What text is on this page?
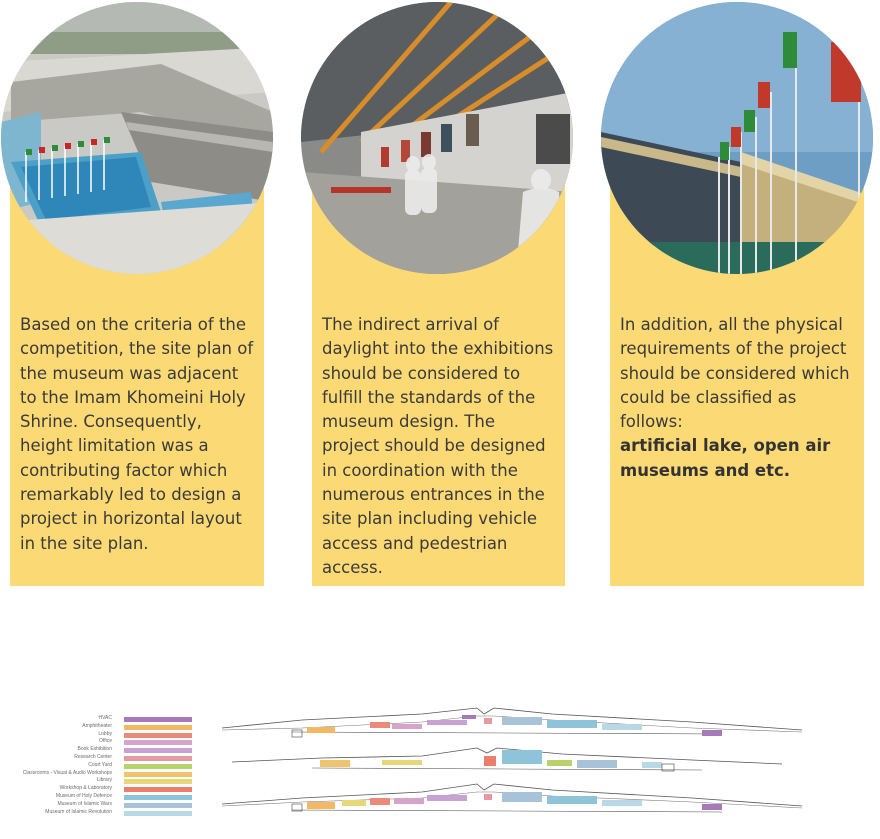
Based on the criteria of the competition, the site plan of the museum was adjacent to the Imam Khomeini Holy Shrine. Consequently, height limitation was a contributing factor which remarkably led to design a project in horizontal layout in the site plan.

The indirect arrival of daylight into the exhibitions should be considered to fulfill the standards of the museum design. The project should be designed in coordination with the numerous entrances in the site plan including vehicle access and pedestrian access.

In addition, all the physical requirements of the project should be considered which could be classified as follows:

artificial lake, open air museums and etc.
HVAC
Amphitheater
Lobby
Office
Book Exhibition
Research Center
Court Yard
Classrooms - Visual & Audio Workshops
Library
Workshop & Laboratory
Museum of Holy Defence
Museum of Islamic Wars
Museum of Islamic Revolution
